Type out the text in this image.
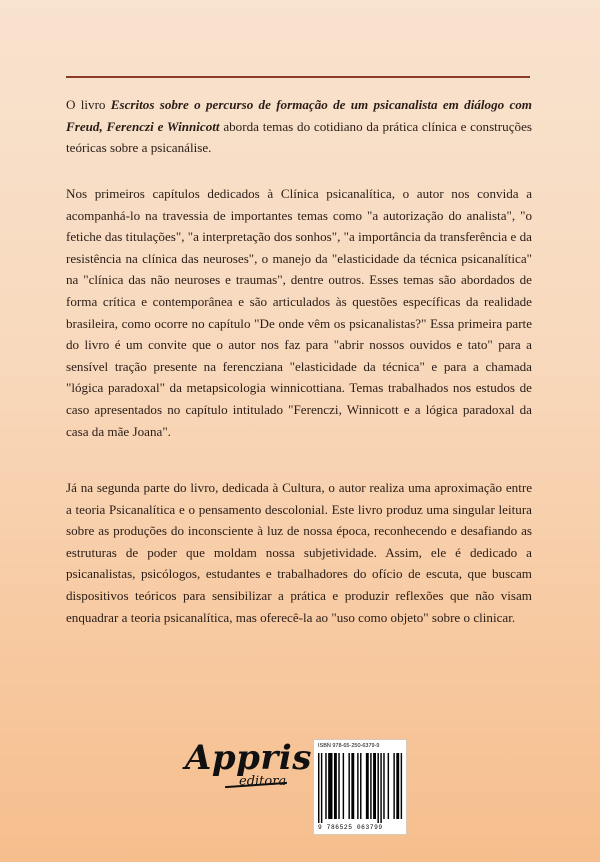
O livro Escritos sobre o percurso de formação de um psicanalista em diálogo com Freud, Ferenczi e Winnicott aborda temas do cotidiano da prática clínica e construções teóricas sobre a psicanálise.

Nos primeiros capítulos dedicados à Clínica psicanalítica, o autor nos convida a acompanhá-lo na travessia de importantes temas como "a autorização do analista", "o fetiche das titulações", "a interpretação dos sonhos", "a importância da transferência e da resistência na clínica das neuroses", o manejo da "elasticidade da técnica psicanalítica" na "clínica das não neuroses e traumas", dentre outros. Esses temas são abordados de forma crítica e contemporânea e são articulados às questões específicas da realidade brasileira, como ocorre no capítulo "De onde vêm os psicanalistas?" Essa primeira parte do livro é um convite que o autor nos faz para "abrir nossos ouvidos e tato" para a sensível tração presente na ferencziana "elasticidade da técnica" e para a chamada "lógica paradoxal" da metapsicologia winnicottiana. Temas trabalhados nos estudos de caso apresentados no capítulo intitulado "Ferenczi, Winnicott e a lógica paradoxal da casa da mãe Joana".

Já na segunda parte do livro, dedicada à Cultura, o autor realiza uma aproximação entre a teoria Psicanalítica e o pensamento descolonial. Este livro produz uma singular leitura sobre as produções do inconsciente à luz de nossa época, reconhecendo e desafiando as estruturas de poder que moldam nossa subjetividade. Assim, ele é dedicado a psicanalistas, psicólogos, estudantes e trabalhadores do ofício de escuta, que buscam dispositivos teóricos para sensibilizar a prática e produzir reflexões que não visam enquadrar a teoria psicanalítica, mas oferecê-la ao "uso como objeto" sobre o clinicar.

Appris
editora
ISBN 978-65-250-6379-9
9 786525 063799
